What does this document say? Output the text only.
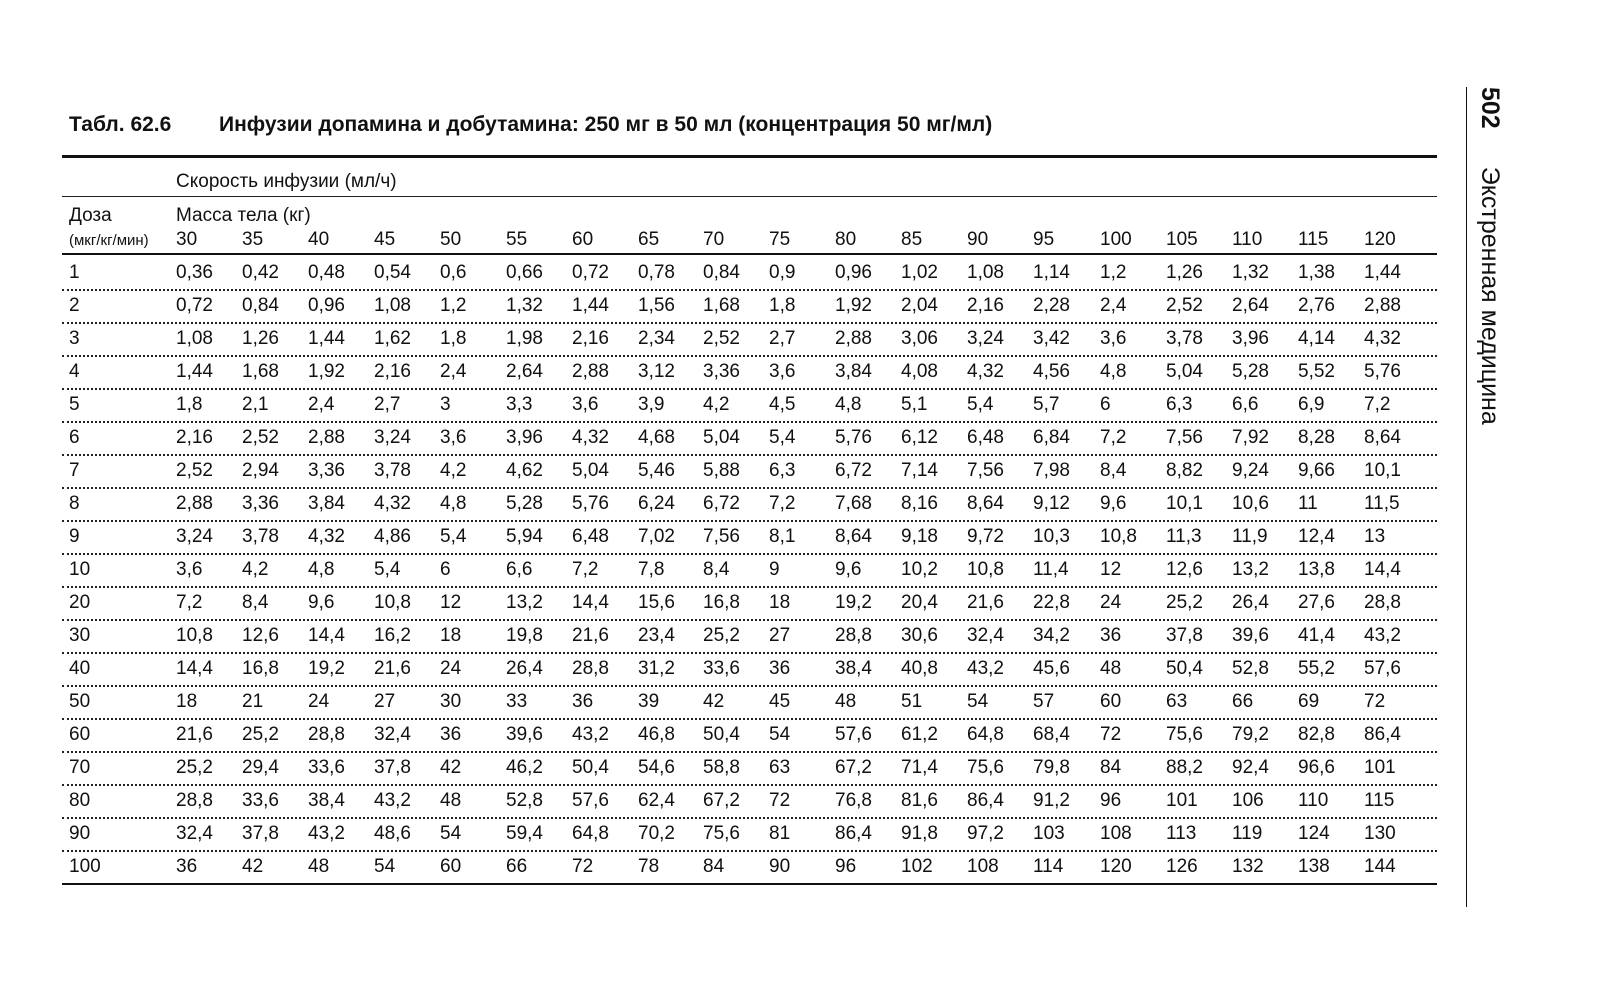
Табл. 62.6 Инфузии допамина и добутамина: 250 мг в 50 мл (концентрация 50 мг/мл)
Скорость инфузии (мл/ч)
Доза	Масса тела (кг)
(мкг/кг/мин) 30 35 40 45 50 55 60 65 70 75 80 85 90 95 100 105 110 115 120
1	0,36 0,42 0,48 0,54 0,6 0,66 0,72 0,78 0,84 0,9 0,96 1,02 1,08 1,14 1,2 1,26 1,32 1,38 1,44
2	0,72 0,84 0,96 1,08 1,2 1,32 1,44 1,56 1,68 1,8 1,92 2,04 2,16 2,28 2,4 2,52 2,64 2,76 2,88
3	1,08 1,26 1,44 1,62 1,8 1,98 2,16 2,34 2,52 2,7 2,88 3,06 3,24 3,42 3,6 3,78 3,96 4,14 4,32
4	1,44 1,68 1,92 2,16 2,4 2,64 2,88 3,12 3,36 3,6 3,84 4,08 4,32 4,56 4,8 5,04 5,28 5,52 5,76
5	1,8 2,1 2,4 2,7 3	3,3 3,6 3,9 4,2 4,5 4,8 5,1 5,4 5,7 6	6,3 6,6 6,9 7,2
6	2,16 2,52 2,88 3,24 3,6 3,96 4,32 4,68 5,04 5,4 5,76 6,12 6,48 6,84 7,2 7,56 7,92 8,28 8,64
7	2,52 2,94 3,36 3,78 4,2 4,62 5,04 5,46 5,88 6,3 6,72 7,14 7,56 7,98 8,4 8,82 9,24 9,66 10,1
8	2,88 3,36 3,84 4,32 4,8 5,28 5,76 6,24 6,72 7,2 7,68 8,16 8,64 9,12 9,6 10,1 10,6 11 11,5
9	3,24 3,78 4,32 4,86 5,4 5,94 6,48 7,02 7,56 8,1 8,64 9,18 9,72 10,3 10,8 11,3 11,9 12,4 13
10	3,6 4,2 4,8 5,4 6	6,6 7,2 7,8 8,4 9	9,6 10,2 10,8 11,4 12 12,6 13,2 13,8 14,4
20	7,2 8,4 9,6 10,8 12 13,2 14,4 15,6 16,8 18 19,2 20,4 21,6 22,8 24 25,2 26,4 27,6 28,8
30	10,8 12,6 14,4 16,2 18 19,8 21,6 23,4 25,2 27 28,8 30,6 32,4 34,2 36 37,8 39,6 41,4 43,2
40	14,4 16,8 19,2 21,6 24 26,4 28,8 31,2 33,6 36 38,4 40,8 43,2 45,6 48 50,4 52,8 55,2 57,6
50	18 21 24 27 30 33 36 39 42 45 48 51 54 57 60 63 66 69 72
60	21,6 25,2 28,8 32,4 36 39,6 43,2 46,8 50,4 54 57,6 61,2 64,8 68,4 72 75,6 79,2 82,8 86,4
70	25,2 29,4 33,6 37,8 42 46,2 50,4 54,6 58,8 63 67,2 71,4 75,6 79,8 84 88,2 92,4 96,6 101
80	28,8 33,6 38,4 43,2 48 52,8 57,6 62,4 67,2 72 76,8 81,6 86,4 91,2 96 101 106 110 115
90	32,4 37,8 43,2 48,6 54 59,4 64,8 70,2 75,6 81 86,4 91,8 97,2 103 108 113 119 124 130
100	36 42 48 54 60 66 72 78 84 90 96 102 108 114 120 126 132 138 144
502Экстренная медицина
